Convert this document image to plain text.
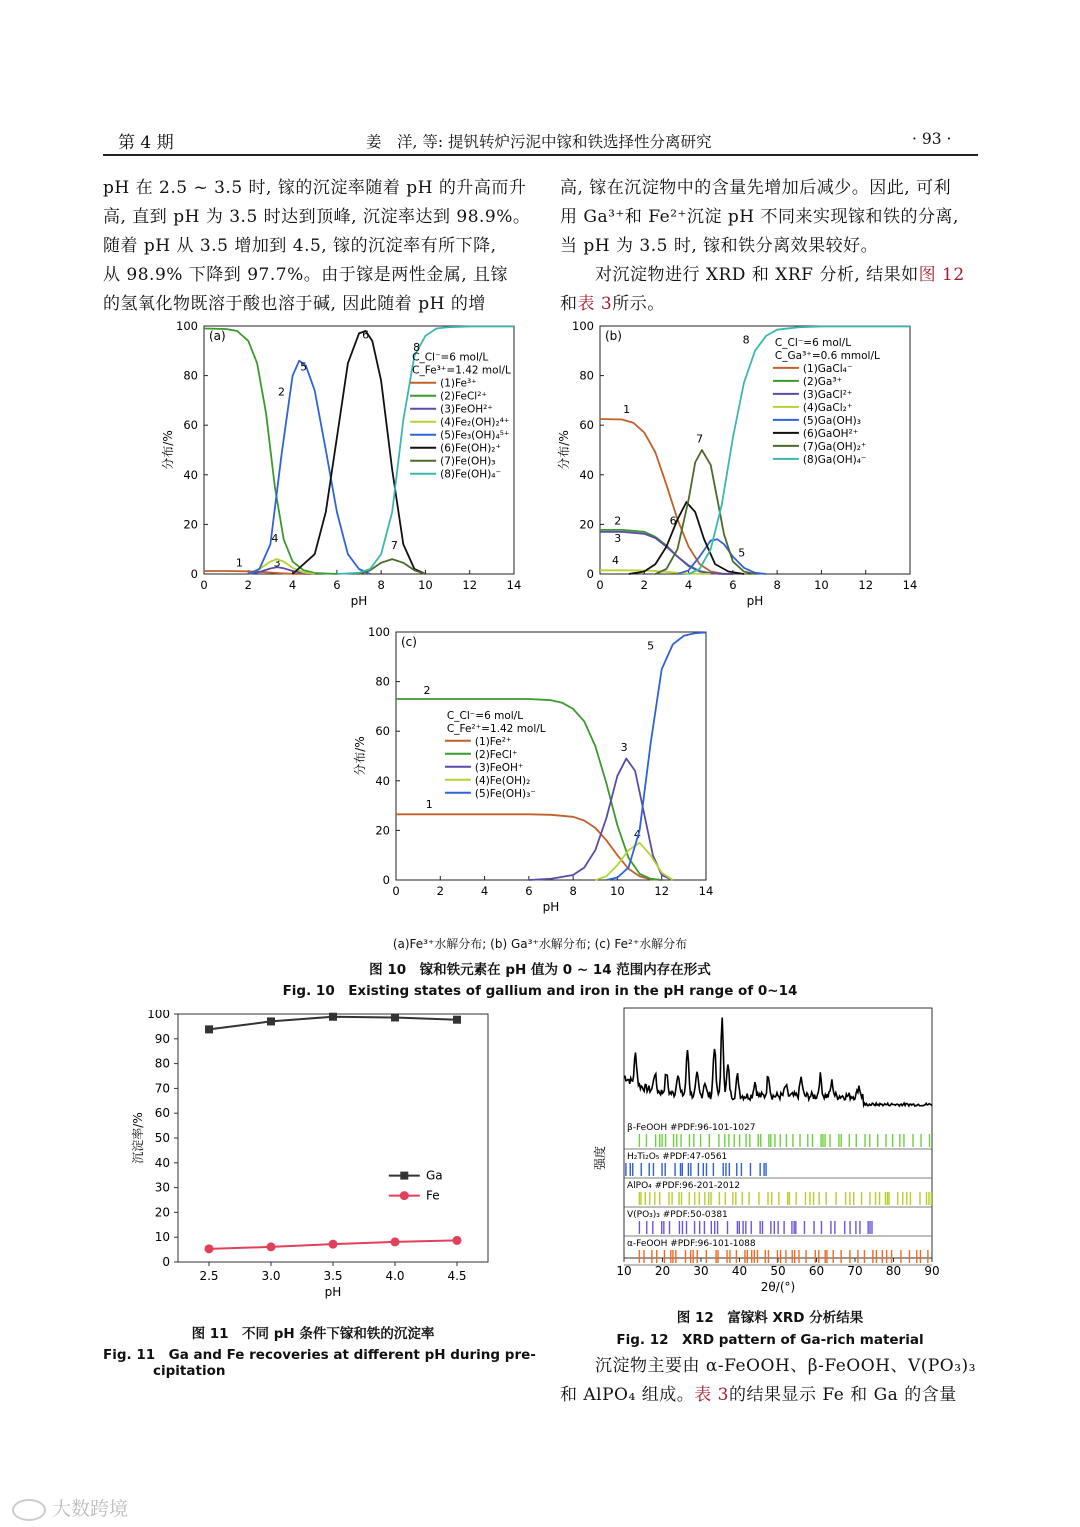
第 4 期	姜　洋, 等: 提钒转炉污泥中镓和铁选择性分离研究	· 93 ·
pH 在 2.5 ~ 3.5 时, 镓的沉淀率随着 pH 的升高而升
高, 直到 pH 为 3.5 时达到顶峰, 沉淀率达到 98.9%。
随着 pH 从 3.5 增加到 4.5, 镓的沉淀率有所下降,
从 98.9% 下降到 97.7%。由于镓是两性金属, 且镓
的氢氧化物既溶于酸也溶于碱, 因此随着 pH 的增
高, 镓在沉淀物中的含量先增加后减少。因此, 可利
用 Ga³⁺和 Fe²⁺沉淀 pH 不同来实现镓和铁的分离,
当 pH 为 3.5 时, 镓和铁分离效果较好。
　　对沉淀物进行 XRD 和 XRF 分析, 结果如图 12
和表 3所示。
0	2	4	6	8	10	12	14
0
20
40
60
80
100
pH
分布/%
(a)
1
2
3
4
5
6
7
8
C_Cl⁻=6 mol/L
C_Fe³⁺=1.42 mol/L
(1)Fe³⁺
(2)FeCl²⁺
(3)FeOH²⁺
(4)Fe₂(OH)₂⁴⁺
(5)Fe₃(OH)₄⁵⁺
(6)Fe(OH)₂⁺
(7)Fe(OH)₃
(8)Fe(OH)₄⁻
0	2	4	6	8	10	12	14
0
20
40
60
80
100
pH
分布/%
(b)
1
2
3
4
5
6
7
8 C_Cl⁻=6 mol/L
C_Ga³⁺=0.6 mmol/L
(1)GaCl₄⁻
(2)Ga³⁺
(3)GaCl²⁺
(4)GaCl₂⁺
(5)Ga(OH)₃
(6)GaOH²⁺
(7)Ga(OH)₂⁺
(8)Ga(OH)₄⁻
0	2	4	6	8	10	12	14
0
20
40
60
80
100
pH
分布/%
(c)
1
2
3
4
5
C_Cl⁻=6 mol/L
C_Fe²⁺=1.42 mol/L
(1)Fe²⁺
(2)FeCl⁺
(3)FeOH⁺
(4)Fe(OH)₂
(5)Fe(OH)₃⁻
(a)Fe³⁺水解分布; (b) Ga³⁺水解分布; (c) Fe²⁺水解分布
图 10　镓和铁元素在 pH 值为 0 ~ 14 范围内存在形式
Fig. 10　Existing states of gallium and iron in the pH range of 0~14
0
10
20
30
40
50
60
70
80
90
100
2.5	3.0	3.5	4.0	4.5
pH
沉淀率/%
Ga
Fe
图 11　不同 pH 条件下镓和铁的沉淀率
Fig. 11　Ga and Fe recoveries at different pH during pre-
cipitation
β-FeOOH #PDF:96-101-1027
H₂Ti₂O₅ #PDF:47-0561
AlPO₄ #PDF:96-201-2012
V(PO₃)₃ #PDF:50-0381
α-FeOOH #PDF:96-101-1088
10 20 30 40 50 60 70 80 90
2θ/(°)
强度
图 12　富镓料 XRD 分析结果
Fig. 12　XRD pattern of Ga-rich material
　　沉淀物主要由 α-FeOOH、β-FeOOH、V(PO₃)₃
和 AlPO₄ 组成。表 3的结果显示 Fe 和 Ga 的含量
大数跨境
